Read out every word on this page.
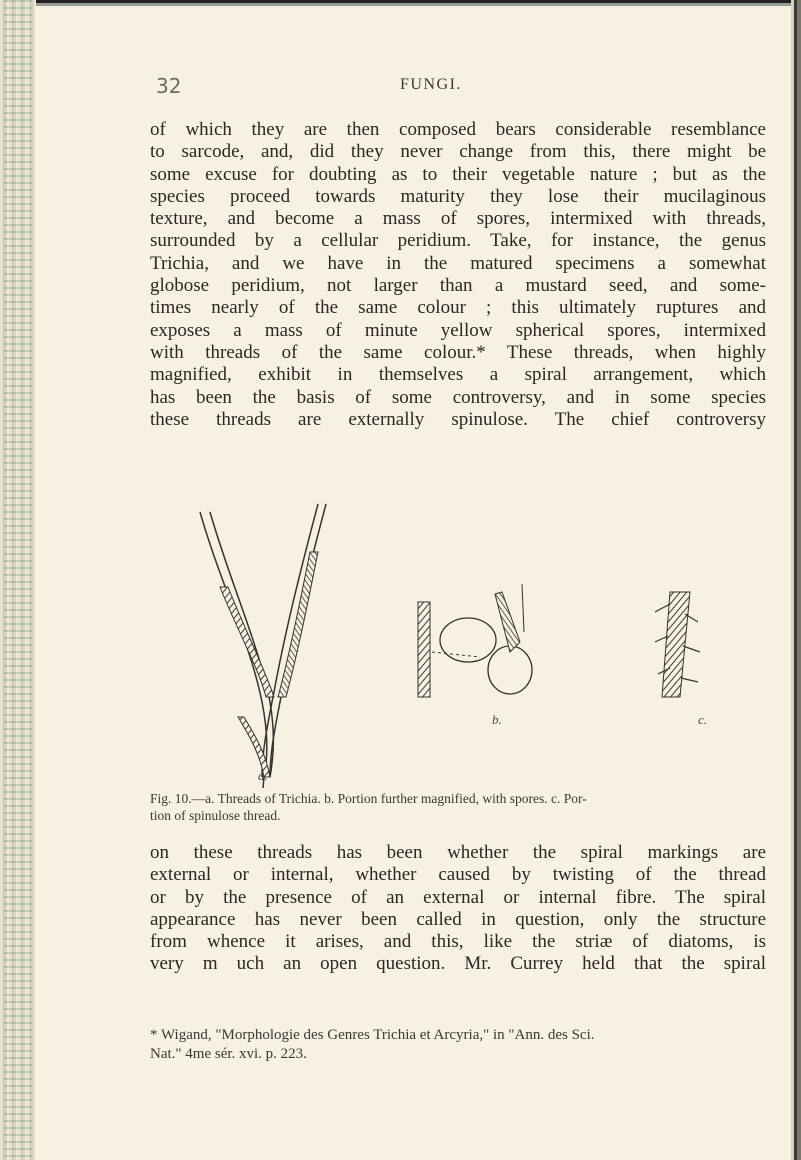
32	FUNGI.
of which they are then composed bears considerable resemblance
to sarcode, and, did they never change from this, there might be
some excuse for doubting as to their vegetable nature ; but as the
species proceed towards maturity they lose their mucilaginous
texture, and become a mass of spores, intermixed with threads,
surrounded by a cellular peridium. Take, for instance, the genus
Trichia, and we have in the matured specimens a somewhat
globose peridium, not larger than a mustard seed, and some-
times nearly of the same colour ; this ultimately ruptures and
exposes a mass of minute yellow spherical spores, intermixed
with threads of the same colour.* These threads, when highly
magnified, exhibit in themselves a spiral arrangement, which
has been the basis of some controversy, and in some species
these threads are externally spinulose. The chief controversy
a.
b.	c.
Fig. 10.—a. Threads of Trichia. b. Portion further magnified, with spores. c. Por-
tion of spinulose thread.
on these threads has been whether the spiral markings are
external or internal, whether caused by twisting of the thread
or by the presence of an external or internal fibre. The spiral
appearance has never been called in question, only the structure
from whence it arises, and this, like the striæ of diatoms, is
very m uch an open question. Mr. Currey held that the spiral
* Wigand, "Morphologie des Genres Trichia et Arcyria," in "Ann. des Sci.
Nat." 4me sér. xvi. p. 223.
